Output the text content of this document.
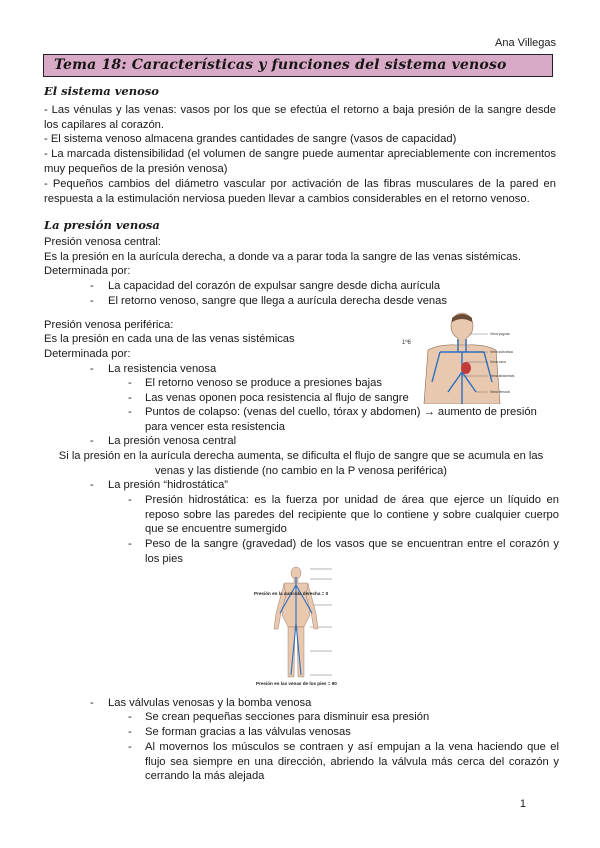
Ana Villegas
Tema 18: Características y funciones del sistema venoso
El sistema venoso
- Las vénulas y las venas: vasos por los que se efectúa el retorno a baja presión de la sangre desde los capilares al corazón.
- El sistema venoso almacena grandes cantidades de sangre (vasos de capacidad)
- La marcada distensibilidad (el volumen de sangre puede aumentar apreciablemente con incrementos muy pequeños de la presión venosa)
- Pequeños cambios del diámetro vascular por activación de las fibras musculares de la pared en respuesta a la estimulación nerviosa pueden llevar a cambios considerables en el retorno venoso.
La presión venosa
Presión venosa central:
Es la presión en la aurícula derecha, a donde va a parar toda la sangre de las venas sistémicas.
Determinada por:
- La capacidad del corazón de expulsar sangre desde dicha aurícula
- El retorno venoso, sangre que llega a aurícula derecha desde venas
Presión venosa periférica:
Es la presión en cada una de las venas sistémicas
Determinada por:
- La resistencia venosa
- El retorno venoso se produce a presiones bajas
- Las venas oponen poca resistencia al flujo de sangre
- Puntos de colapso: (venas del cuello, tórax y abdomen) → aumento de presión para vencer esta resistencia
- La presión venosa central
Si la presión en la aurícula derecha aumenta, se dificulta el flujo de sangre que se acumula en las venas y las distiende (no cambio en la P venosa periférica)
- La presión “hidrostática”
- Presión hidrostática: es la fuerza por unidad de área que ejerce un líquido en reposo sobre las paredes del recipiente que lo contiene y sobre cualquier cuerpo que se encuentre sumergido
- Peso de la sangre (gravedad) de los vasos que se encuentran entre el corazón y los pies
- Las válvulas venosas y la bomba venosa
- Se crean pequeñas secciones para disminuir esa presión
- Se forman gracias a las válvulas venosas
- Al movernos los músculos se contraen y así empujan a la vena haciendo que el flujo sea siempre en una dirección, abriendo la válvula más cerca del corazón y cerrando la más alejada
1º6
Vena yugular
Vena subclavia
Vena cava
Vena abdominal
Vena femoral
Presión en la aurícula derecha = 0
Presión en las venas de los pies = 90
1
